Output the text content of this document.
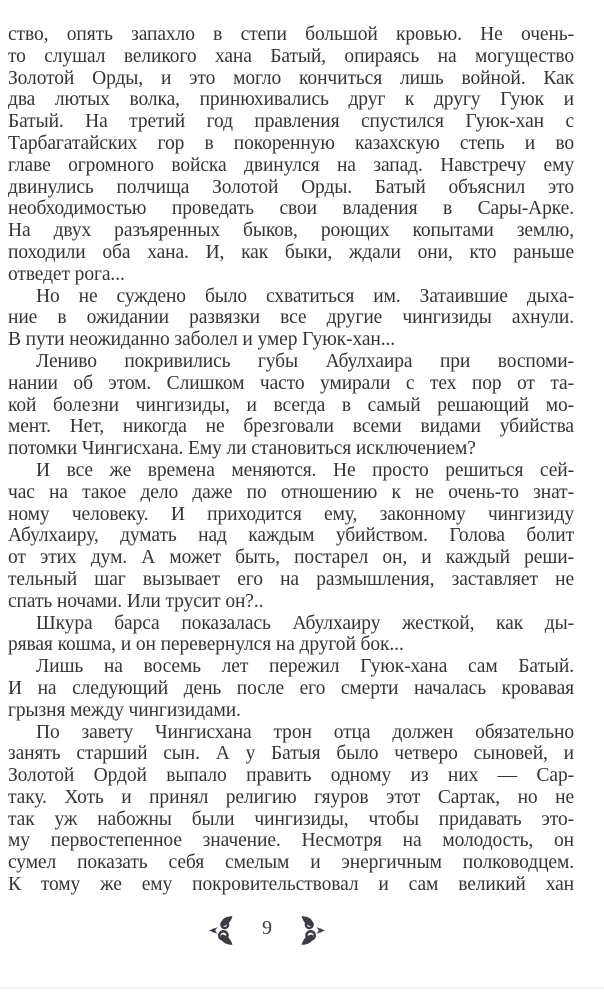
ство, опять запахло в степи большой кровью. Не очень-
то слушал великого хана Батый, опираясь на могущество
Золотой Орды, и это могло кончиться лишь войной. Как
два лютых волка, принюхивались друг к другу Гуюк и
Батый. На третий год правления спустился Гуюк-хан с
Тарбагатайских гор в покоренную казахскую степь и во
главе огромного войска двинулся на запад. Навстречу ему
двинулись полчища Золотой Орды. Батый объяснил это
необходимостью проведать свои владения в Сары-Арке.
На двух разъяренных быков, роющих копытами землю,
походили оба хана. И, как быки, ждали они, кто раньше
отведет рога...
Но не суждено было схватиться им. Затаившие дыха-
ние в ожидании развязки все другие чингизиды ахнули.
В пути неожиданно заболел и умер Гуюк-хан...
Лениво покривились губы Абулхаира при воспоми-
нании об этом. Слишком часто умирали с тех пор от та-
кой болезни чингизиды, и всегда в самый решающий мо-
мент. Нет, никогда не брезговали всеми видами убийства
потомки Чингисхана. Ему ли становиться исключением?
И все же времена меняются. Не просто решиться сей-
час на такое дело даже по отношению к не очень-то знат-
ному человеку. И приходится ему, законному чингизиду
Абулхаиру, думать над каждым убийством. Голова болит
от этих дум. А может быть, постарел он, и каждый реши-
тельный шаг вызывает его на размышления, заставляет не
спать ночами. Или трусит он?..
Шкура барса показалась Абулхаиру жесткой, как ды-
рявая кошма, и он перевернулся на другой бок...
Лишь на восемь лет пережил Гуюк-хана сам Батый.
И на следующий день после его смерти началась кровавая
грызня между чингизидами.
По завету Чингисхана трон отца должен обязательно
занять старший сын. А у Батыя было четверо сыновей, и
Золотой Ордой выпало править одному из них — Сар-
таку. Хоть и принял религию гяуров этот Сартак, но не
так уж набожны были чингизиды, чтобы придавать это-
му первостепенное значение. Несмотря на молодость, он
сумел показать себя смелым и энергичным полководцем.
К тому же ему покровительствовал и сам великий хан
9
